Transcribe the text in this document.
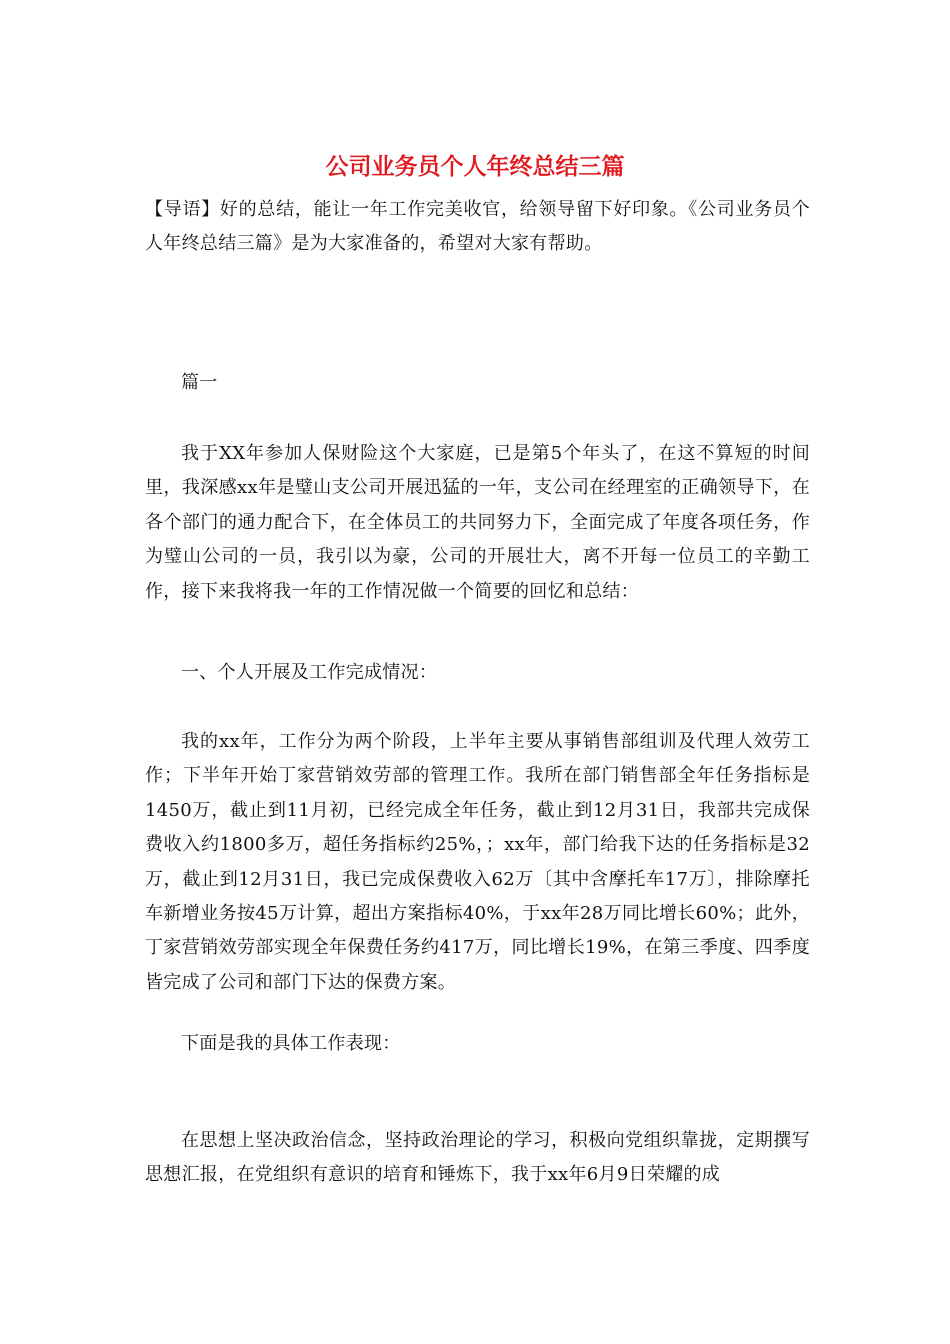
公司业务员个人年终总结三篇

【导语】好的总结，能让一年工作完美收官，给领导留下好印象。《公司业务员个人年终总结三篇》是为大家准备的，希望对大家有帮助。

篇一

我于XX年参加人保财险这个大家庭，已是第5个年头了，在这不算短的时间里，我深感xx年是璧山支公司开展迅猛的一年，支公司在经理室的正确领导下，在各个部门的通力配合下，在全体员工的共同努力下，全面完成了年度各项任务，作为璧山公司的一员，我引以为豪，公司的开展壮大，离不开每一位员工的辛勤工作，接下来我将我一年的工作情况做一个简要的回忆和总结：

一、个人开展及工作完成情况：

我的xx年，工作分为两个阶段，上半年主要从事销售部组训及代理人效劳工作；下半年开始丁家营销效劳部的管理工作。我所在部门销售部全年任务指标是1450万，截止到11月初，已经完成全年任务，截止到12月31日，我部共完成保费收入约1800多万，超任务指标约25%，；xx年，部门给我下达的任务指标是32万，截止到12月31日，我已完成保费收入62万〔其中含摩托车17万〕，排除摩托车新增业务按45万计算，超出方案指标40%，于xx年28万同比增长60%；此外，丁家营销效劳部实现全年保费任务约417万，同比增长19%，在第三季度、四季度皆完成了公司和部门下达的保费方案。

下面是我的具体工作表现：

在思想上坚决政治信念，坚持政治理论的学习，积极向党组织靠拢，定期撰写思想汇报，在党组织有意识的培育和锤炼下，我于xx年6月9日荣耀的成
